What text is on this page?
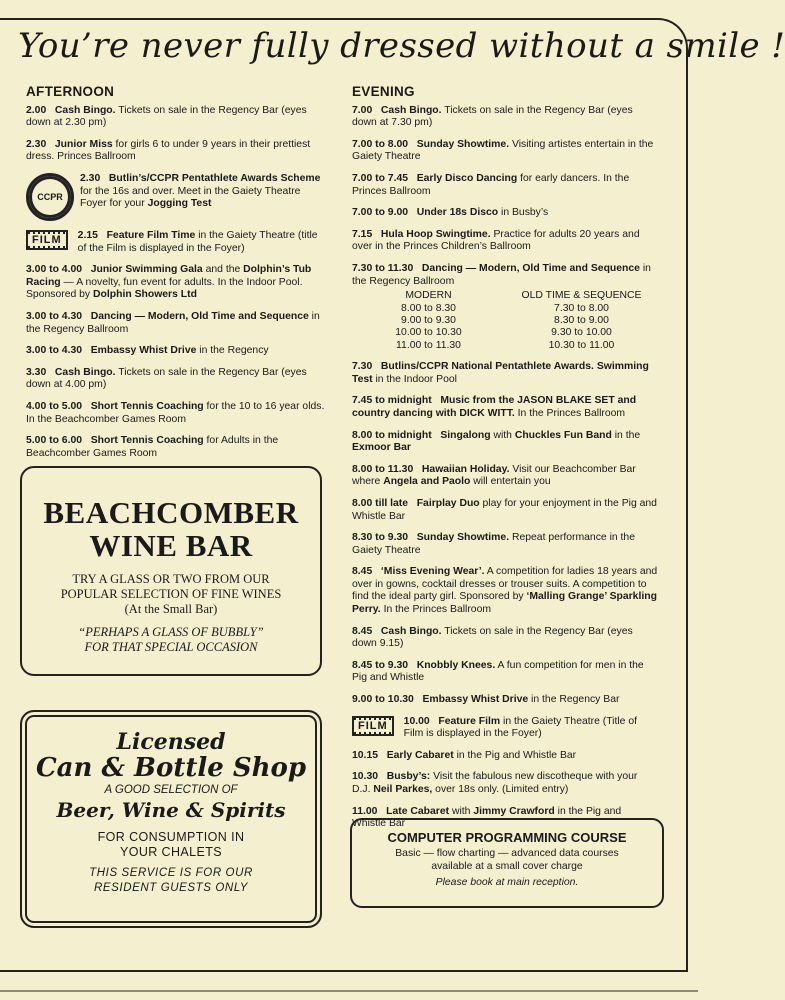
You’re never fully dressed without a smile !
AFTERNOON
2.00 Cash Bingo. Tickets on sale in the Regency Bar (eyes down at 2.30 pm)
2.30 Junior Miss for girls 6 to under 9 years in their prettiest dress. Princes Ballroom
CCPR
2.30 Butlin’s/CCPR Pentathlete Awards Scheme for the 16s and over. Meet in the Gaiety Theatre Foyer for your Jogging Test
FILM	2.15 Feature Film Time in the Gaiety Theatre (title of the Film is displayed in the Foyer)
3.00 to 4.00 Junior Swimming Gala and the Dolphin’s Tub Racing — A novelty, fun event for adults. In the Indoor Pool. Sponsored by Dolphin Showers Ltd
3.00 to 4.30 Dancing — Modern, Old Time and Sequence in the Regency Ballroom
3.00 to 4.30 Embassy Whist Drive in the Regency
3.30 Cash Bingo. Tickets on sale in the Regency Bar (eyes down at 4.00 pm)
4.00 to 5.00 Short Tennis Coaching for the 10 to 16 year olds. In the Beachcomber Games Room
5.00 to 6.00 Short Tennis Coaching for Adults in the Beachcomber Games Room
BEACHCOMBER
WINE BAR
TRY A GLASS OR TWO FROM OUR
POPULAR SELECTION OF FINE WINES
(At the Small Bar)
“PERHAPS A GLASS OF BUBBLY”
FOR THAT SPECIAL OCCASION
Licensed
Can & Bottle Shop
A GOOD SELECTION OF
Beer, Wine & Spirits
FOR CONSUMPTION IN
YOUR CHALETS
THIS SERVICE IS FOR OUR
RESIDENT GUESTS ONLY
EVENING
7.00 Cash Bingo. Tickets on sale in the Regency Bar (eyes down at 7.30 pm)
7.00 to 8.00 Sunday Showtime. Visiting artistes entertain in the Gaiety Theatre
7.00 to 7.45 Early Disco Dancing for early dancers. In the Princes Ballroom
7.00 to 9.00 Under 18s Disco in Busby’s
7.15 Hula Hoop Swingtime. Practice for adults 20 years and over in the Princes Children’s Ballroom
7.30 to 11.30 Dancing — Modern, Old Time and Sequence in the Regency Ballroom
MODERN	OLD TIME & SEQUENCE
8.00 to 8.30	7.30 to 8.00
9.00 to 9.30	8.30 to 9.00
10.00 to 10.30	9.30 to 10.00
11.00 to 11.30	10.30 to 11.00
7.30 Butlins/CCPR National Pentathlete Awards. Swimming Test in the Indoor Pool
7.45 to midnight Music from the JASON BLAKE SET and country dancing with DICK WITT. In the Princes Ballroom
8.00 to midnight Singalong with Chuckles Fun Band in the Exmoor Bar
8.00 to 11.30 Hawaiian Holiday. Visit our Beachcomber Bar where Angela and Paolo will entertain you
8.00 till late Fairplay Duo play for your enjoyment in the Pig and Whistle Bar
8.30 to 9.30 Sunday Showtime. Repeat performance in the Gaiety Theatre
8.45 ‘Miss Evening Wear’. A competition for ladies 18 years and over in gowns, cocktail dresses or trouser suits. A competition to find the ideal party girl. Sponsored by ‘Malling Grange’ Sparkling Perry. In the Princes Ballroom
8.45 Cash Bingo. Tickets on sale in the Regency Bar (eyes down 9.15)
8.45 to 9.30 Knobbly Knees. A fun competition for men in the Pig and Whistle
9.00 to 10.30 Embassy Whist Drive in the Regency Bar
FILM	10.00 Feature Film in the Gaiety Theatre (Title of Film is displayed in the Foyer)
10.15 Early Cabaret in the Pig and Whistle Bar
10.30 Busby’s: Visit the fabulous new discotheque with your D.J. Neil Parkes, over 18s only. (Limited entry)
11.00 Late Cabaret with Jimmy Crawford in the Pig and Whistle Bar
COMPUTER PROGRAMMING COURSE
Basic — flow charting — advanced data courses
available at a small cover charge
Please book at main reception.
